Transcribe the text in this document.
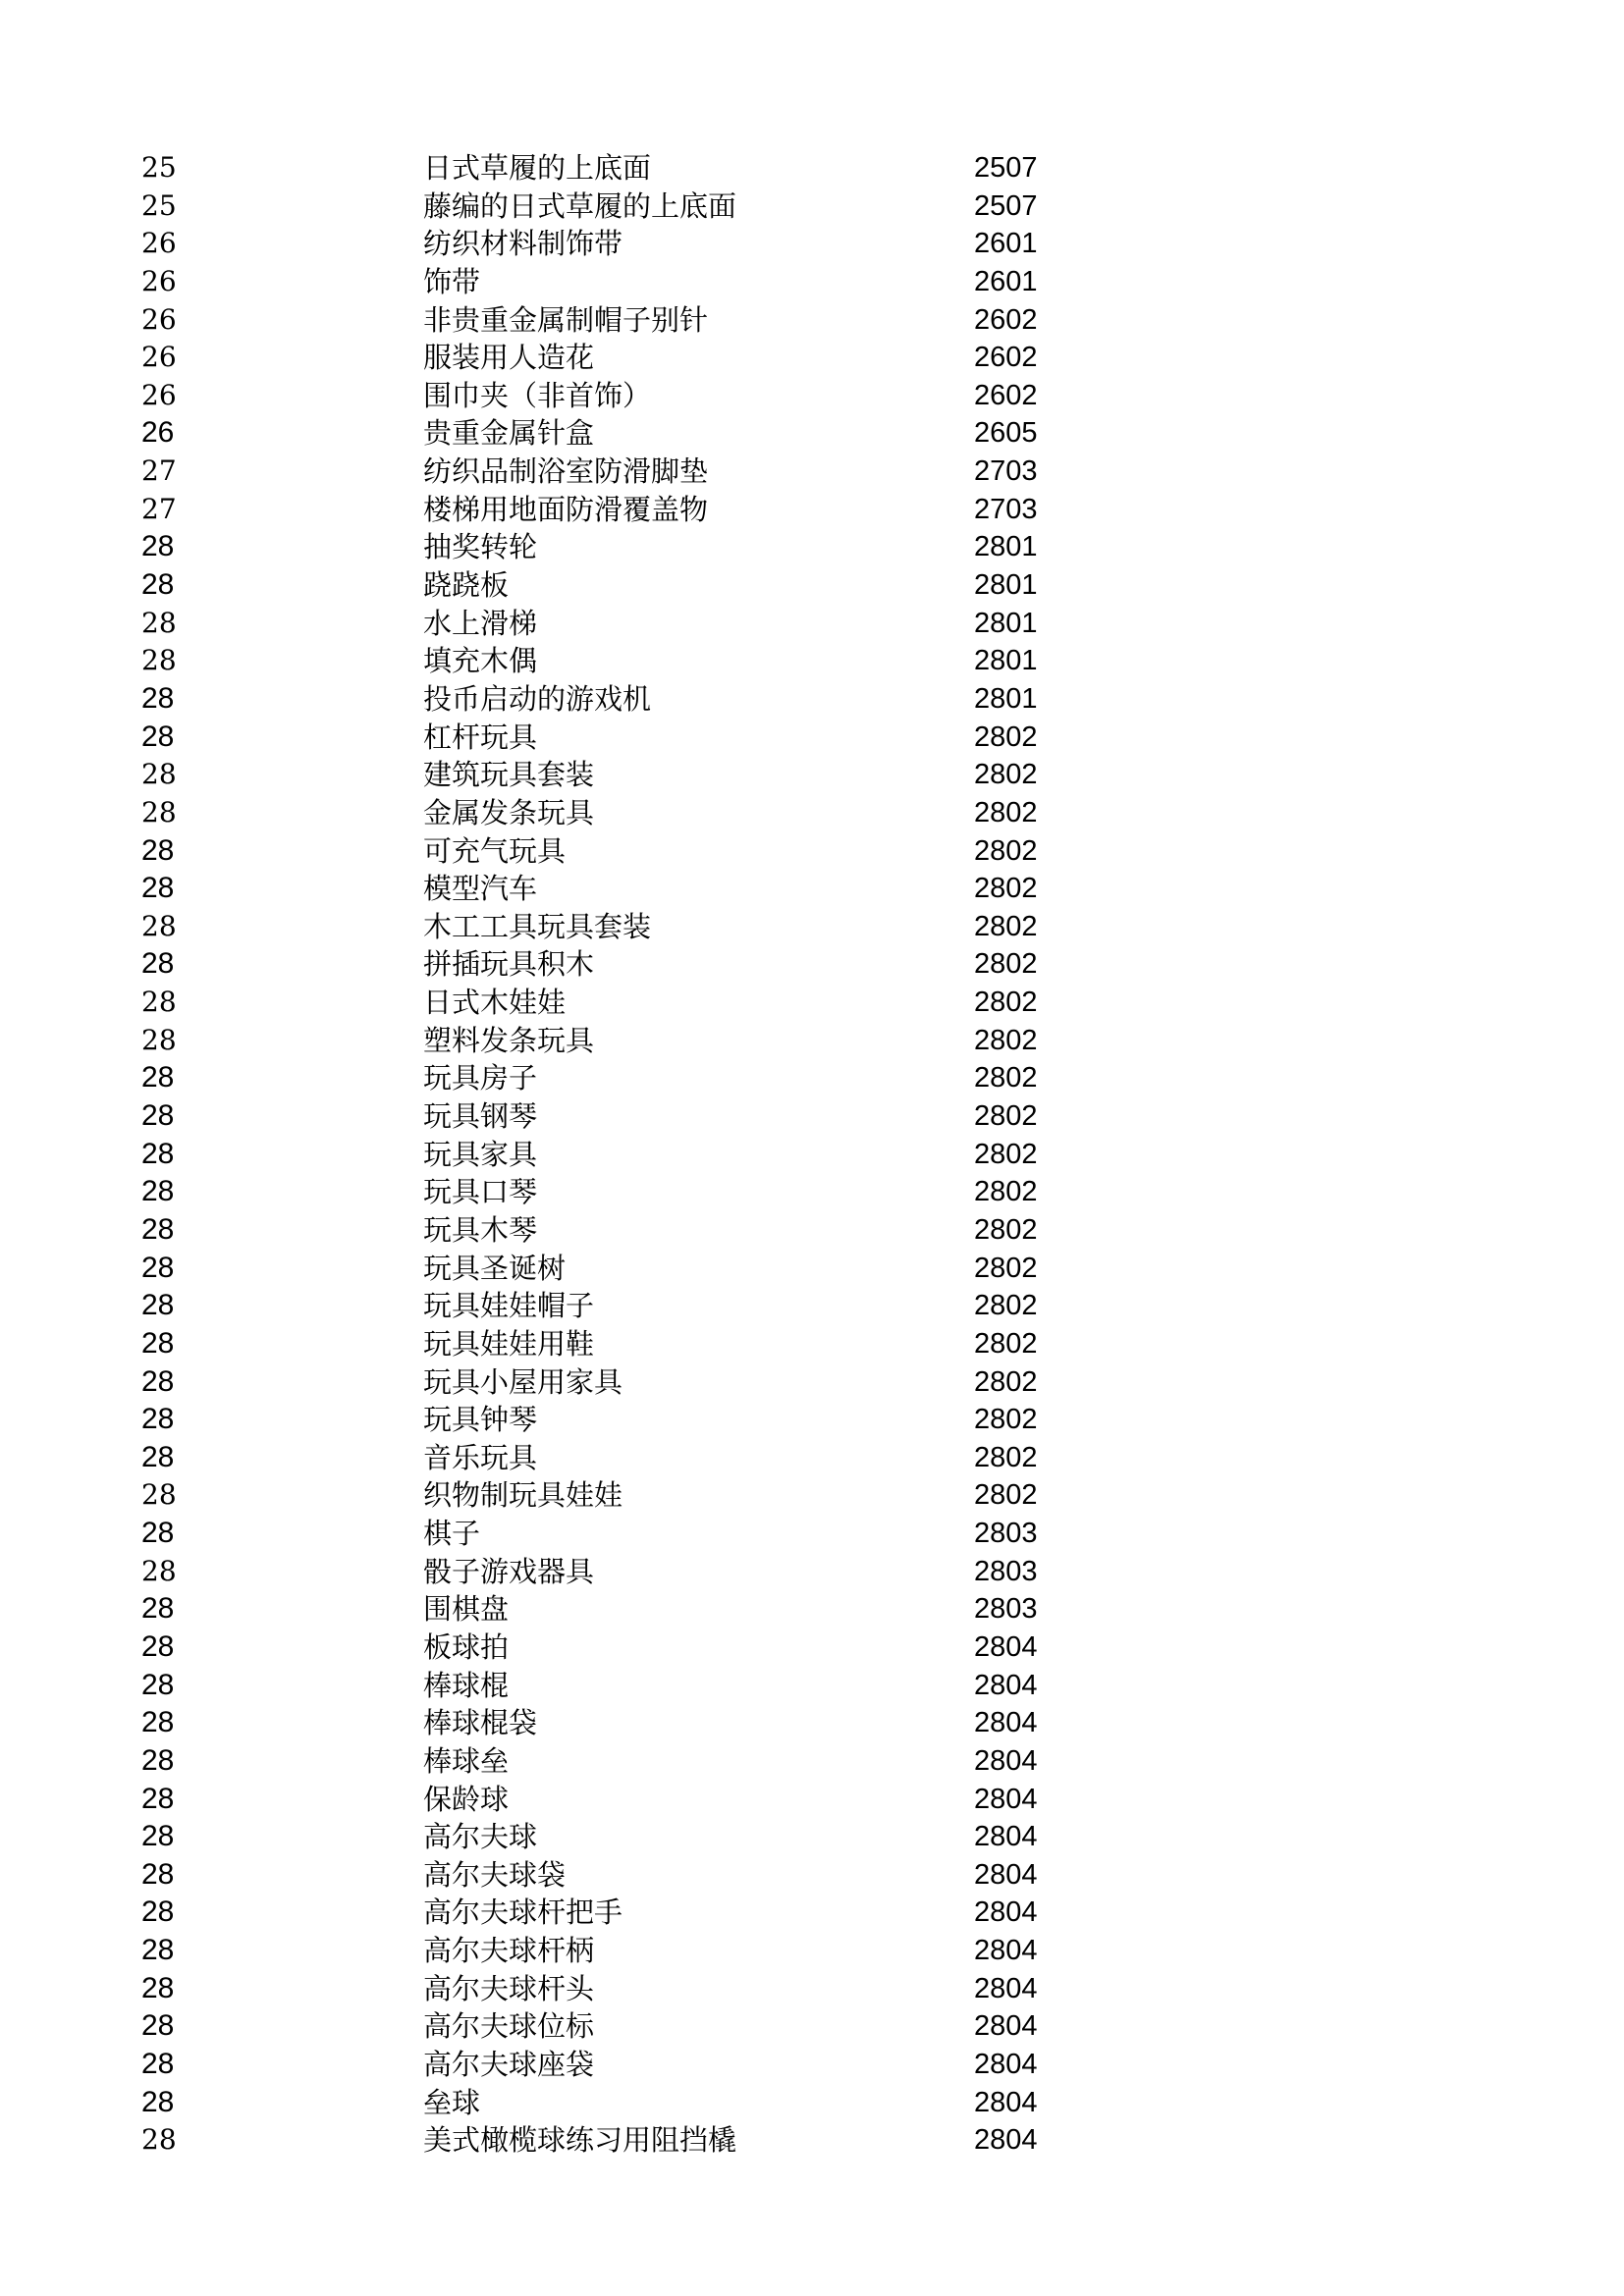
25	日式草履的上底面	2507
25	藤编的日式草履的上底面	2507
26	纺织材料制饰带	2601
26	饰带	2601
26	非贵重金属制帽子别针	2602
26	服装用人造花	2602
26	围巾夹（非首饰）	2602
26	贵重金属针盒	2605
27	纺织品制浴室防滑脚垫	2703
27	楼梯用地面防滑覆盖物	2703
28	抽奖转轮	2801
28	跷跷板	2801
28	水上滑梯	2801
28	填充木偶	2801
28	投币启动的游戏机	2801
28	杠杆玩具	2802
28	建筑玩具套装	2802
28	金属发条玩具	2802
28	可充气玩具	2802
28	模型汽车	2802
28	木工工具玩具套装	2802
28	拼插玩具积木	2802
28	日式木娃娃	2802
28	塑料发条玩具	2802
28	玩具房子	2802
28	玩具钢琴	2802
28	玩具家具	2802
28	玩具口琴	2802
28	玩具木琴	2802
28	玩具圣诞树	2802
28	玩具娃娃帽子	2802
28	玩具娃娃用鞋	2802
28	玩具小屋用家具	2802
28	玩具钟琴	2802
28	音乐玩具	2802
28	织物制玩具娃娃	2802
28	棋子	2803
28	骰子游戏器具	2803
28	围棋盘	2803
28	板球拍	2804
28	棒球棍	2804
28	棒球棍袋	2804
28	棒球垒	2804
28	保龄球	2804
28	高尔夫球	2804
28	高尔夫球袋	2804
28	高尔夫球杆把手	2804
28	高尔夫球杆柄	2804
28	高尔夫球杆头	2804
28	高尔夫球位标	2804
28	高尔夫球座袋	2804
28	垒球	2804
28	美式橄榄球练习用阻挡橇	2804
